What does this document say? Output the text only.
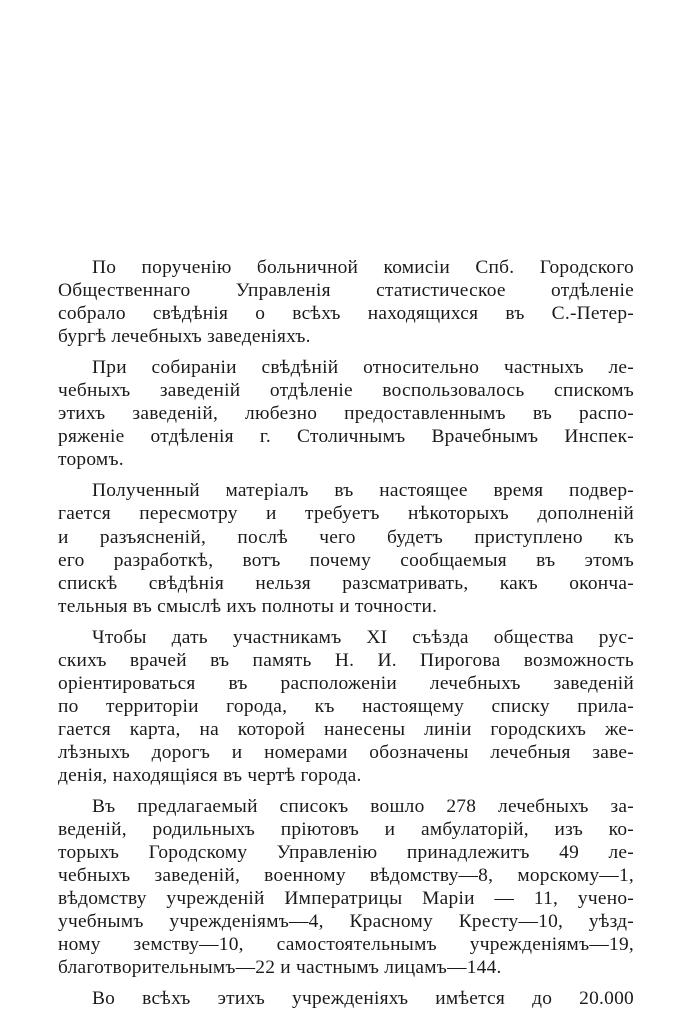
По порученію больничной комисіи Спб. Городского
Общественнаго Управленія статистическое отдѣленіе
собрало свѣдѣнія о всѣхъ находящихся въ С.-Петер-
бургѣ лечебныхъ заведеніяхъ.
При собираніи свѣдѣній относительно частныхъ ле-
чебныхъ заведеній отдѣленіе воспользовалось спискомъ
этихъ заведеній, любезно предоставленнымъ въ распо-
ряженіе отдѣленія г. Столичнымъ Врачебнымъ Инспек-
торомъ.
Полученный матеріалъ въ настоящее время подвер-
гается пересмотру и требуетъ нѣкоторыхъ дополненій
и разъясненій, послѣ чего будетъ приступлено къ
его разработкѣ, вотъ почему сообщаемыя въ этомъ
спискѣ свѣдѣнія нельзя разсматривать, какъ оконча-
тельныя въ смыслѣ ихъ полноты и точности.
Чтобы дать участникамъ XI съѣзда общества рус-
скихъ врачей въ память Н. И. Пирогова возможность
оріентироваться въ расположеніи лечебныхъ заведеній
по территоріи города, къ настоящему списку прила-
гается карта, на которой нанесены линіи городскихъ же-
лѣзныхъ дорогъ и номерами обозначены лечебныя заве-
денія, находящіяся въ чертѣ города.
Въ предлагаемый списокъ вошло 278 лечебныхъ за-
веденій, родильныхъ пріютовъ и амбулаторій, изъ ко-
торыхъ Городскому Управленію принадлежитъ 49 ле-
чебныхъ заведеній, военному вѣдомству—8, морскому—1,
вѣдомству учрежденій Императрицы Маріи — 11, учено-
учебнымъ учрежденіямъ—4, Красному Кресту—10, уѣзд-
ному земству—10, самостоятельнымъ учрежденіямъ—19,
благотворительнымъ—22 и частнымъ лицамъ—144.
Во всѣхъ этихъ учрежденіяхъ имѣется до 20.000
